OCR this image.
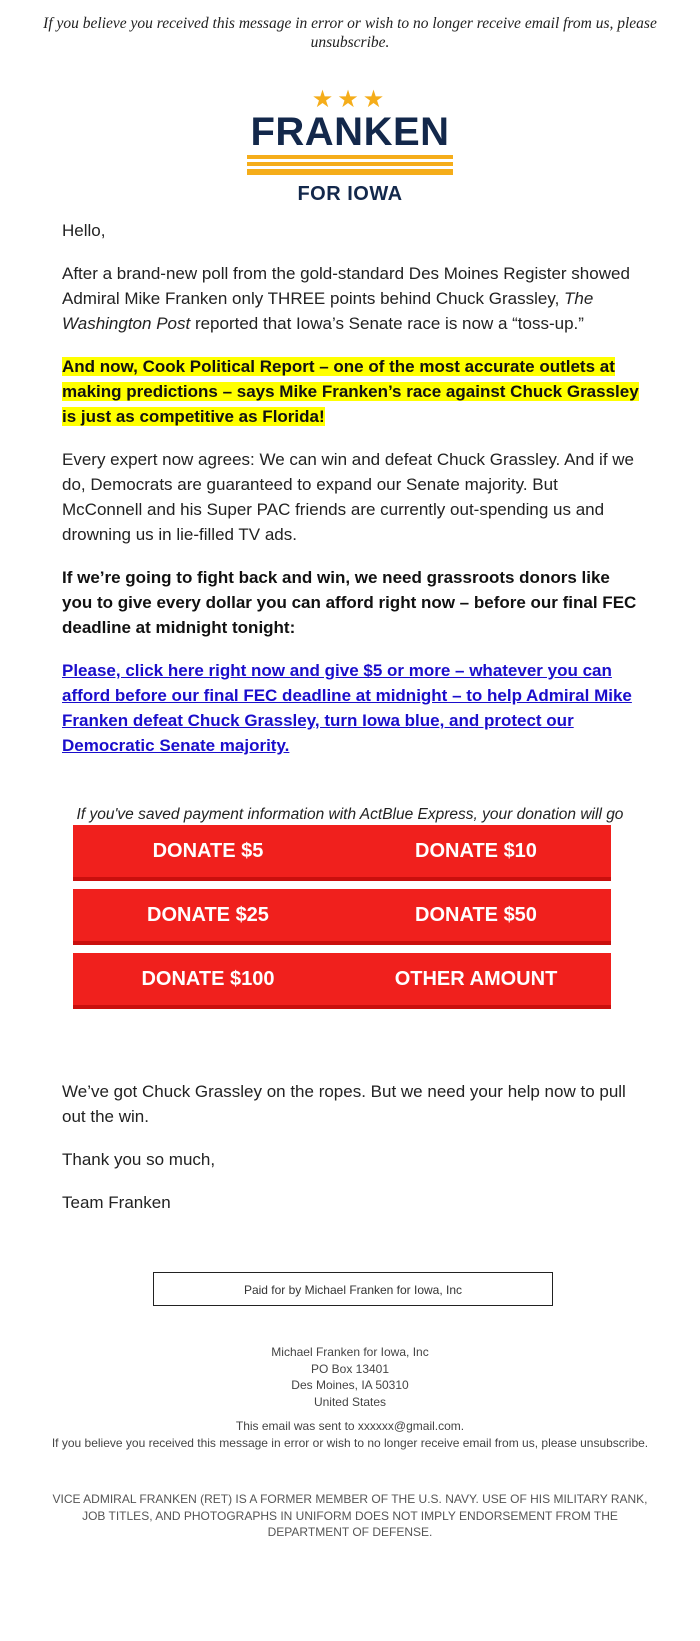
If you believe you received this message in error or wish to no longer receive email from us, please unsubscribe.
★★★
FRANKEN
FOR IOWA

Hello,

After a brand-new poll from the gold-standard Des Moines Register showed Admiral Mike Franken only THREE points behind Chuck Grassley, The Washington Post reported that Iowa’s Senate race is now a “toss-up.”

And now, Cook Political Report – one of the most accurate outlets at making predictions – says Mike Franken’s race against Chuck Grassley is just as competitive as Florida!

Every expert now agrees: We can win and defeat Chuck Grassley. And if we do, Democrats are guaranteed to expand our Senate majority. But McConnell and his Super PAC friends are currently out-spending us and drowning us in lie-filled TV ads.

If we’re going to fight back and win, we need grassroots donors like you to give every dollar you can afford right now – before our final FEC deadline at midnight tonight:

Please, click here right now and give $5 or more – whatever you can afford before our final FEC deadline at midnight – to help Admiral Mike Franken defeat Chuck Grassley, turn Iowa blue, and protect our Democratic Senate majority.

If you've saved payment information with ActBlue Express, your donation will go
DONATE $5	DONATE $10
DONATE $25	DONATE $50
DONATE $100	OTHER AMOUNT

We’ve got Chuck Grassley on the ropes. But we need your help now to pull out the win.

Thank you so much,

Team Franken

Paid for by Michael Franken for Iowa, Inc
Michael Franken for Iowa, Inc
PO Box 13401
Des Moines, IA 50310
United States
This email was sent to xxxxxx@gmail.com.
If you believe you received this message in error or wish to no longer receive email from us, please unsubscribe.
VICE ADMIRAL FRANKEN (RET) IS A FORMER MEMBER OF THE U.S. NAVY. USE OF HIS MILITARY RANK, JOB TITLES, AND PHOTOGRAPHS IN UNIFORM DOES NOT IMPLY ENDORSEMENT FROM THE DEPARTMENT OF DEFENSE.
